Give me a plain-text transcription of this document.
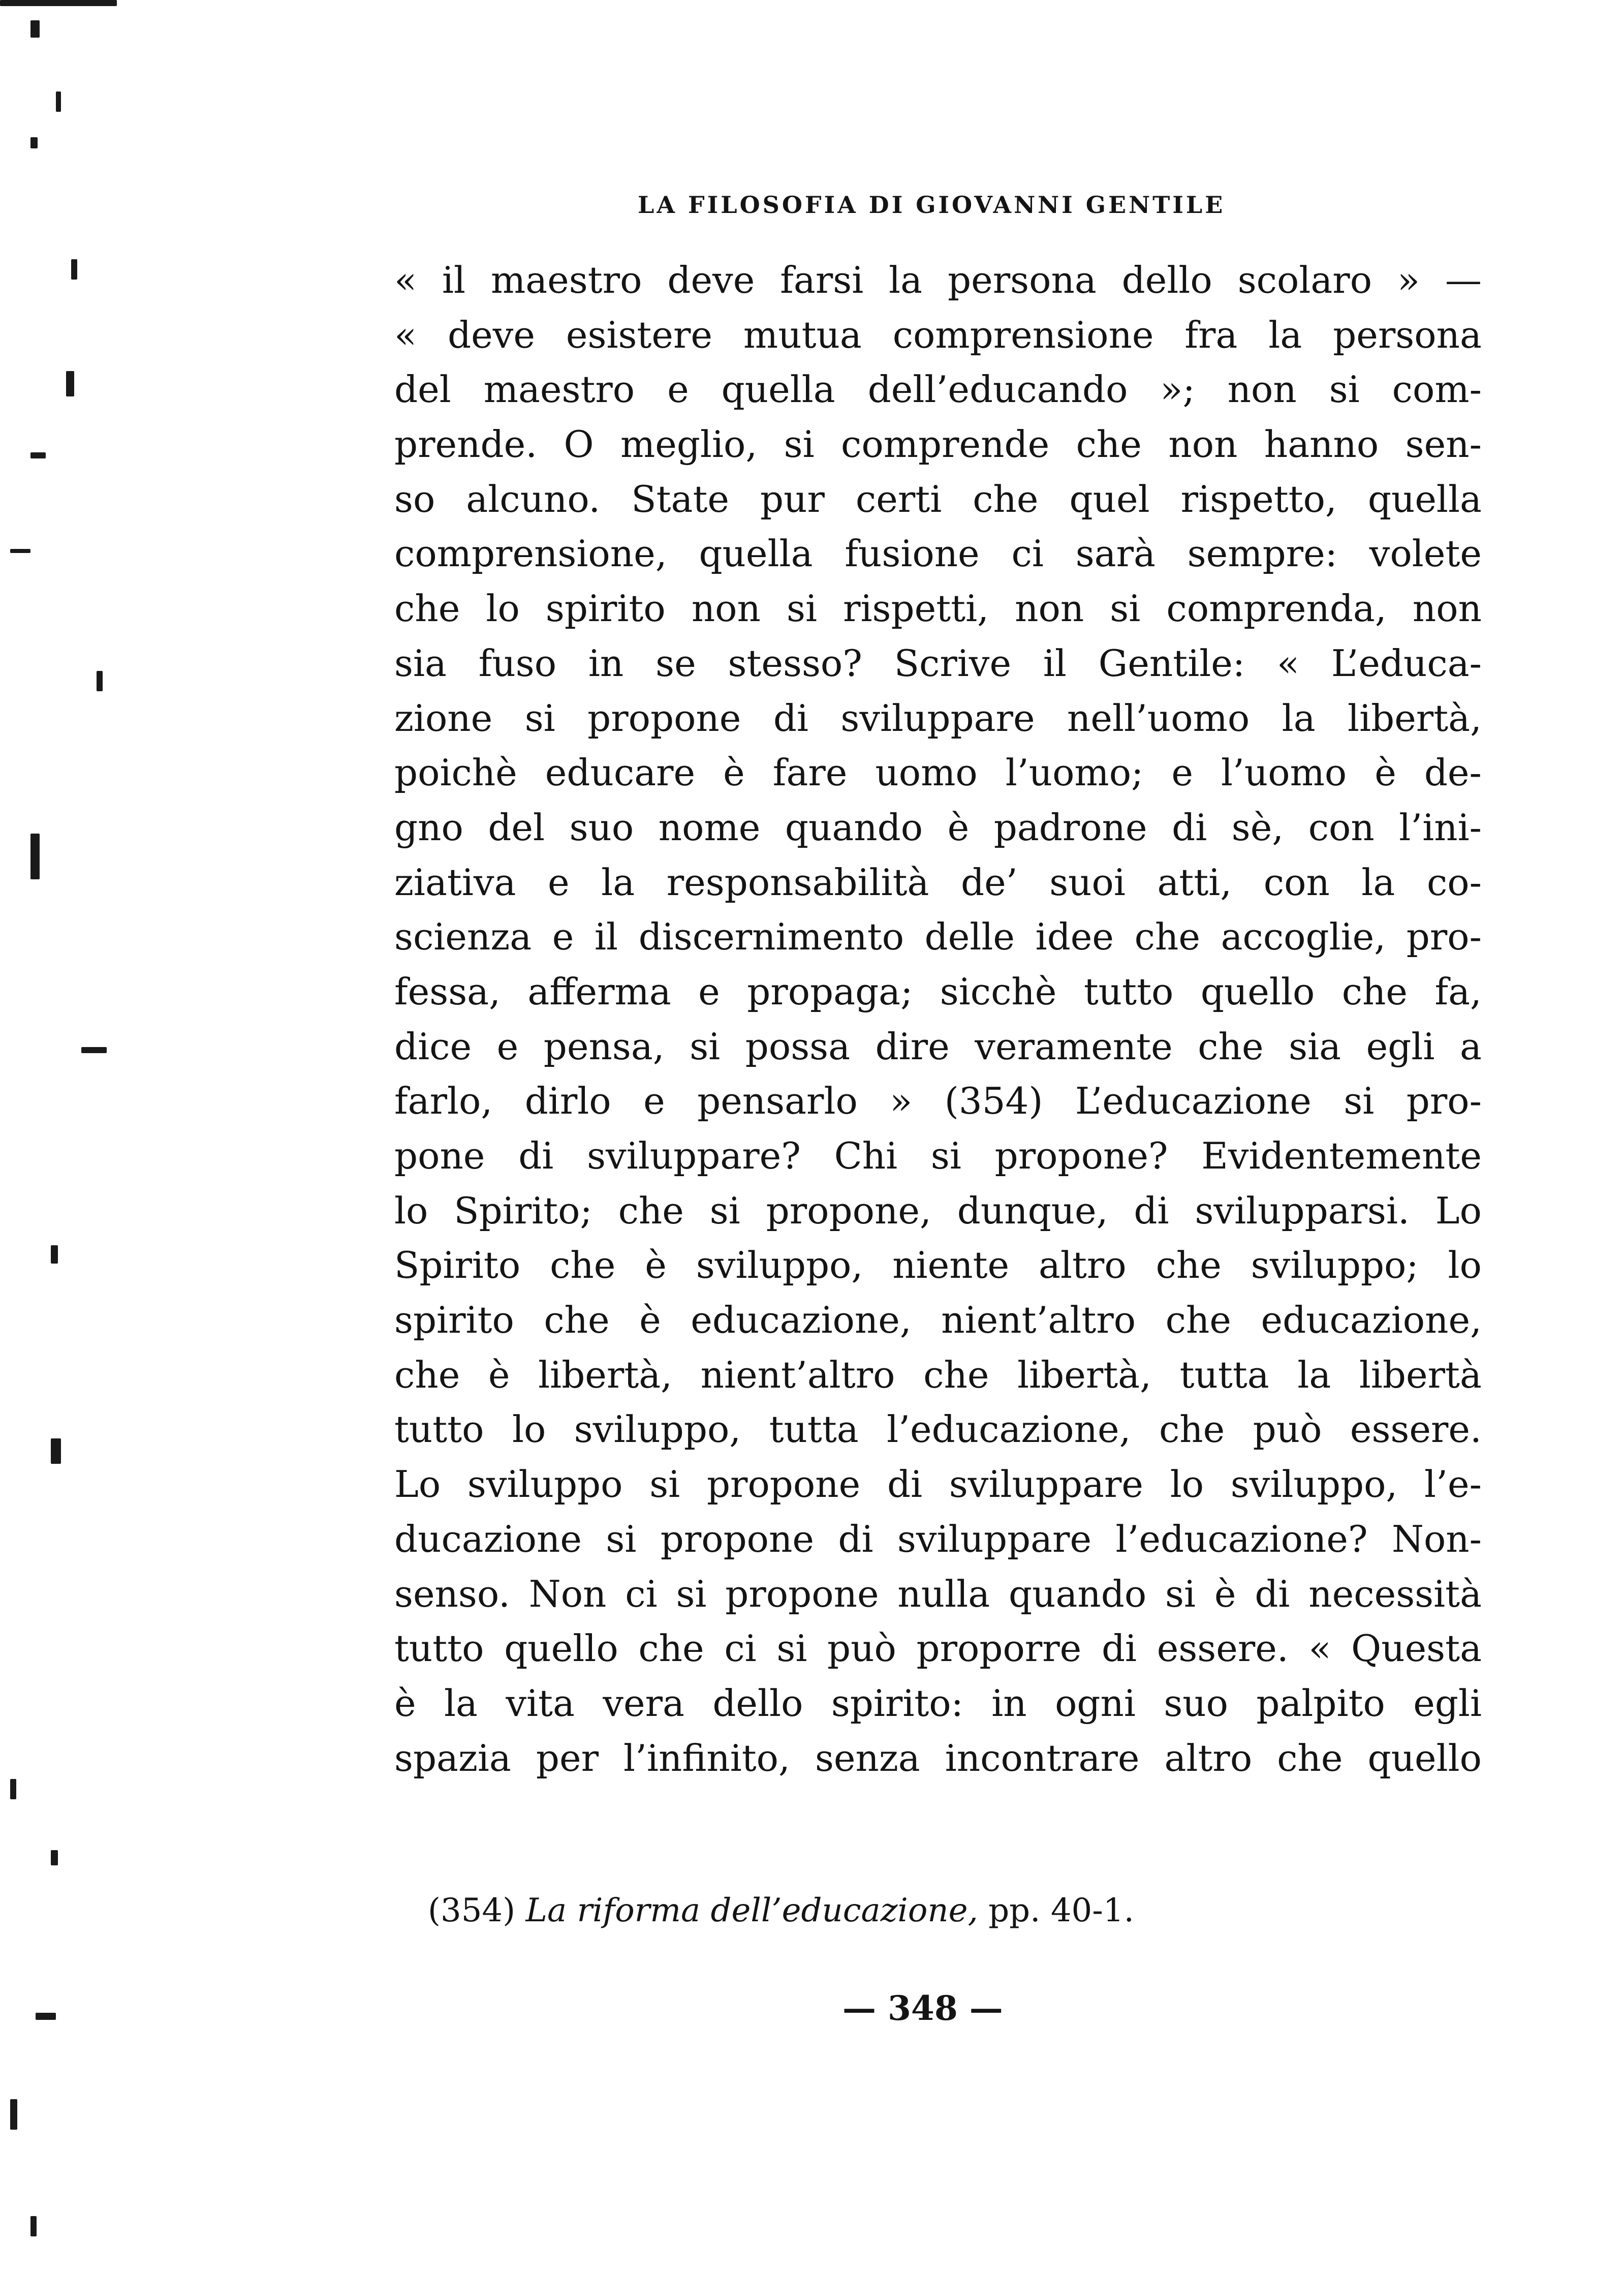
LA FILOSOFIA DI GIOVANNI GENTILE
« il maestro deve farsi la persona dello scolaro » —
« deve esistere mutua comprensione fra la persona
del maestro e quella dell’educando »; non si com-
prende. O meglio, si comprende che non hanno sen-
so alcuno. State pur certi che quel rispetto, quella
comprensione, quella fusione ci sarà sempre: volete
che lo spirito non si rispetti, non si comprenda, non
sia fuso in se stesso? Scrive il Gentile: « L’educa-
zione si propone di sviluppare nell’uomo la libertà,
poichè educare è fare uomo l’uomo; e l’uomo è de-
gno del suo nome quando è padrone di sè, con l’ini-
ziativa e la responsabilità de’ suoi atti, con la co-
scienza e il discernimento delle idee che accoglie, pro-
fessa, afferma e propaga; sicchè tutto quello che fa,
dice e pensa, si possa dire veramente che sia egli a
farlo, dirlo e pensarlo » (354) L’educazione si pro-
pone di sviluppare? Chi si propone? Evidentemente
lo Spirito; che si propone, dunque, di svilupparsi. Lo
Spirito che è sviluppo, niente altro che sviluppo; lo
spirito che è educazione, nient’altro che educazione,
che è libertà, nient’altro che libertà, tutta la libertà
tutto lo sviluppo, tutta l’educazione, che può essere.
Lo sviluppo si propone di sviluppare lo sviluppo, l’e-
ducazione si propone di sviluppare l’educazione? Non-
senso. Non ci si propone nulla quando si è di necessità
tutto quello che ci si può proporre di essere. « Questa
è la vita vera dello spirito: in ogni suo palpito egli
spazia per l’infinito, senza incontrare altro che quello
(354) La riforma dell’educazione, pp. 40-1.
— 348 —
